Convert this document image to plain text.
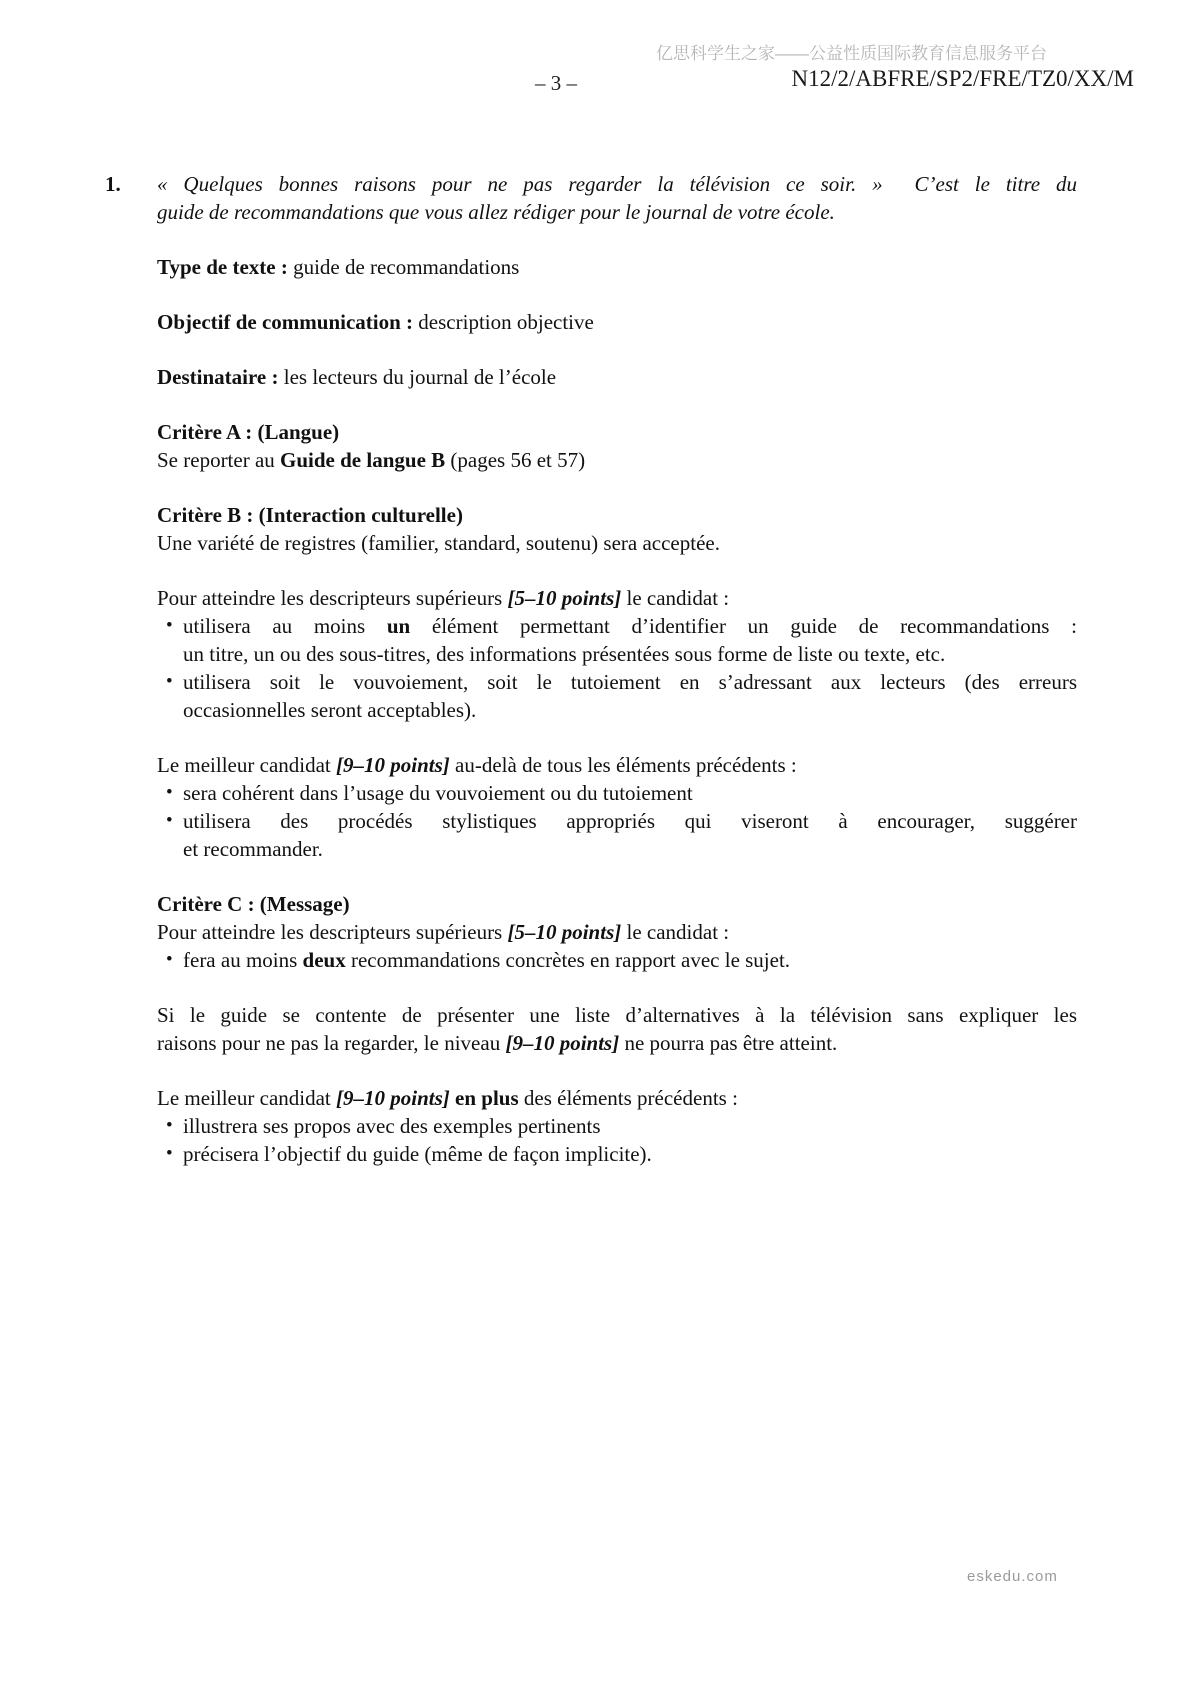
亿思科学生之家——公益性质国际教育信息服务平台
– 3 –	N12/2/ABFRE/SP2/FRE/TZ0/XX/M
1. « Quelques bonnes raisons pour ne pas regarder la télévision ce soir. »  C’est le titre du
guide de recommandations que vous allez rédiger pour le journal de votre école.
Type de texte : guide de recommandations
Objectif de communication : description objective
Destinataire : les lecteurs du journal de l’école
Critère A : (Langue)
Se reporter au Guide de langue B (pages 56 et 57)
Critère B : (Interaction culturelle)
Une variété de registres (familier, standard, soutenu) sera acceptée.
Pour atteindre les descripteurs supérieurs [5–10 points] le candidat :
• utilisera au moins un élément permettant d’identifier un guide de recommandations :
un titre, un ou des sous-titres, des informations présentées sous forme de liste ou texte, etc.
• utilisera soit le vouvoiement, soit le tutoiement en s’adressant aux lecteurs (des erreurs
occasionnelles seront acceptables).
Le meilleur candidat [9–10 points] au-delà de tous les éléments précédents :
• sera cohérent dans l’usage du vouvoiement ou du tutoiement
• utilisera des procédés stylistiques appropriés qui viseront à encourager, suggérer
et recommander.
Critère C : (Message)
Pour atteindre les descripteurs supérieurs [5–10 points] le candidat :
• fera au moins deux recommandations concrètes en rapport avec le sujet.
Si le guide se contente de présenter une liste d’alternatives à la télévision sans expliquer les
raisons pour ne pas la regarder, le niveau [9–10 points] ne pourra pas être atteint.
Le meilleur candidat [9–10 points] en plus des éléments précédents :
• illustrera ses propos avec des exemples pertinents
• précisera l’objectif du guide (même de façon implicite).
eskedu.com
